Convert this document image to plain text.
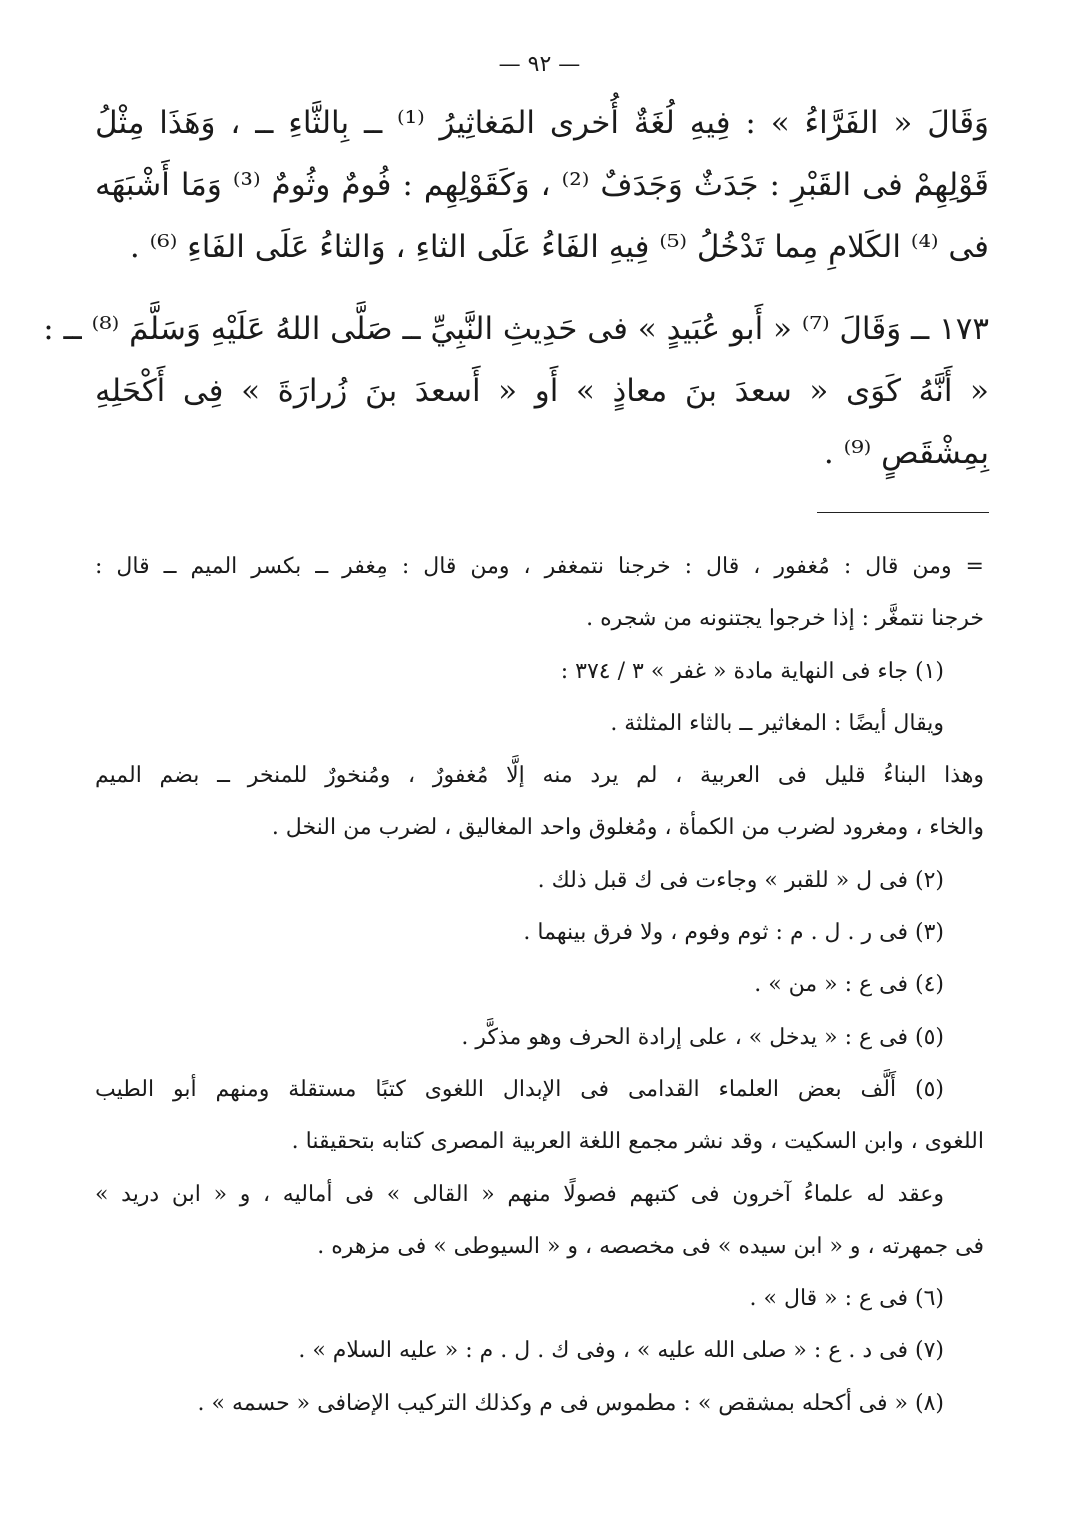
— ٩٢ —
وَقَالَ « الفَرَّاءُ » : فِيهِ لُغَةٌ أُخرى المَغاثِيرُ ⁽¹⁾ ــ بِالثَّاءِ ــ ، وَهَذَا مِثْلُ
قَوْلِهِمْ فى القَبْرِ : جَدَثٌ وَجَدَفٌ ⁽²⁾ ، وَكَقَوْلِهِم : فُومٌ وثُومٌ ⁽³⁾ وَمَا أَشْبَهَه
فى ⁽⁴⁾ الكَلامِ مِما تَدْخُلُ ⁽⁵⁾ فِيهِ الفَاءُ عَلَى الثاءِ ، وَالثاءُ عَلَى الفَاءِ ⁽⁶⁾ .
١٧٣ ــ وَقَالَ ⁽⁷⁾ « أَبو عُبَيدٍ » فى حَدِيثِ النَّبِيِّ ــ صَلَّى اللهُ عَلَيْهِ وَسَلَّمَ ⁽⁸⁾ ــ :
« أَنَّهُ كَوَى « سعدَ بنَ معاذٍ » أَو « أَسعدَ بنَ زُرارَةَ » فِى أَكْحَلِهِ
بِمِشْقَصٍ ⁽⁹⁾ .
= ومن قال : مُغفور ، قال : خرجنا نتمغفر ، ومن قال : مِغفر ــ بكسر الميم ــ قال :
خرجنا نتمغَّر : إذا خرجوا يجتنونه من شجره .
(١) جاء فى النهاية مادة « غفر » ٣ / ٣٧٤ :
ويقال أيضًا : المغاثير ــ بالثاء المثلثة .
وهذا البناءُ قليل فى العربية ، لم يرد منه إلَّا مُغفورٌ ، ومُنخورٌ للمنخر ــ بضم الميم
والخاء ، ومغرود لضرب من الكمأة ، ومُغلوق واحد المغاليق ، لضرب من النخل .
(٢) فى ل « للقبر » وجاءت فى ك قبل ذلك .
(٣) فى ر . ل . م : ثوم وفوم ، ولا فرق بينهما .
(٤) فى ع : « من » .
(٥) فى ع : « يدخل » ، على إرادة الحرف وهو مذكَّر .
(٥) أَلَّف بعض العلماء القدامى فى الإبدال اللغوى كتبًا مستقلة ومنهم أبو الطيب
اللغوى ، وابن السكيت ، وقد نشر مجمع اللغة العربية المصرى كتابه بتحقيقنا .
وعقد له علماءُ آخرون فى كتبهم فصولًا منهم « القالى » فى أماليه ، و « ابن دريد »
فى جمهرته ، و « ابن سيده » فى مخصصه ، و « السيوطى » فى مزهره .
(٦) فى ع : « قال » .
(٧) فى د . ع : « صلى الله عليه » ، وفى ك . ل . م : « عليه السلام » .
(٨) « فى أكحله بمشقص » : مطموس فى م وكذلك التركيب الإضافى « حسمه » .
